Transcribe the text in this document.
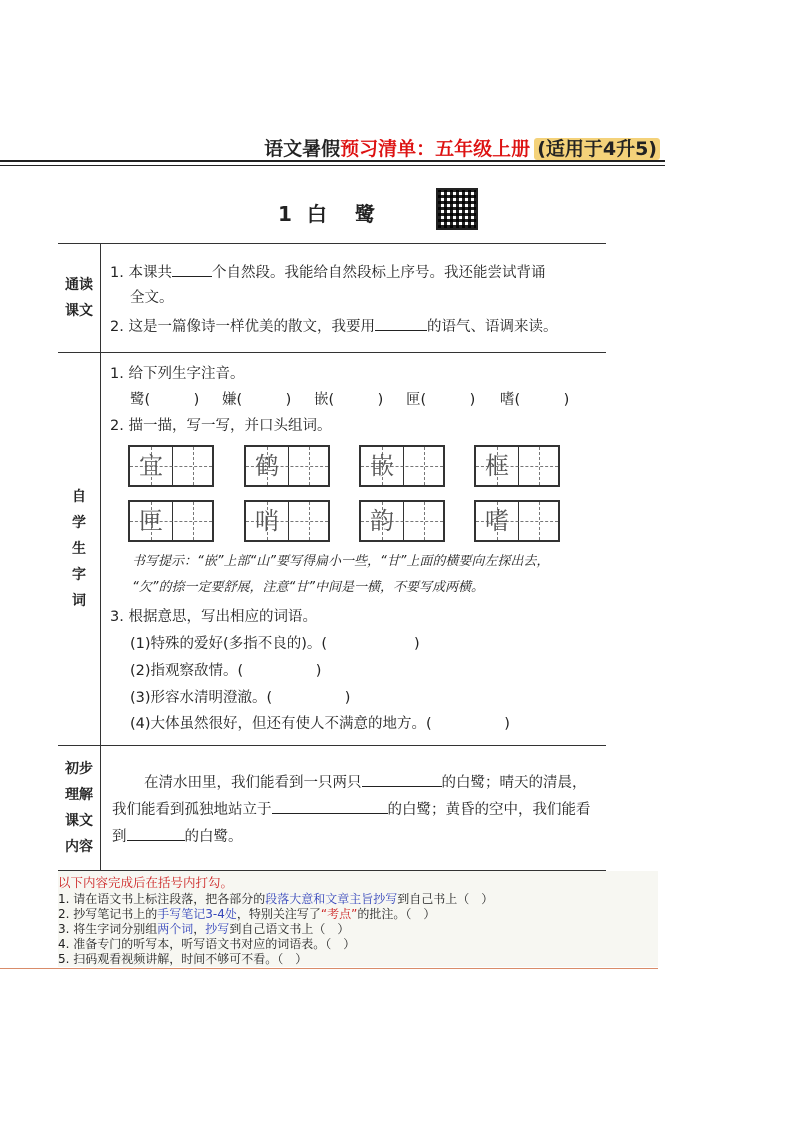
语文暑假预习清单：五年级上册 (适用于4升5)
1 白　鹭
通读
课文
1. 本课共	个自然段。我能给自然段标上序号。我还能尝试背诵
全文。
2. 这是一篇像诗一样优美的散文，我要用	的语气、语调来读。
自
学
生
字
词
1. 给下列生字注音。
鹭(　　　) 嫌(　　　) 嵌(　　　) 匣(　　　) 嗜(　　　)
2. 描一描，写一写，并口头组词。
宜	鹤	嵌	框
匣	哨	韵	嗜
书写提示：“嵌”上部“山”要写得扁小一些，“甘”上面的横要向左探出去，
“欠”的捺一定要舒展，注意“甘”中间是一横，不要写成两横。
3. 根据意思，写出相应的词语。
(1)特殊的爱好(多指不良的)。(　　　　　　)
(2)指观察敌情。(　　　　　)
(3)形容水清明澄澈。(　　　　　)
(4)大体虽然很好，但还有使人不满意的地方。(　　　　　)
初步
理解
课文
内容
在清水田里，我们能看到一只两只	的白鹭；晴天的清晨，
我们能看到孤独地站立于	的白鹭；黄昏的空中，我们能看
到	的白鹭。
以下内容完成后在括号内打勾。
1. 请在语文书上标注段落，把各部分的段落大意和文章主旨抄写到自己书上（　）
2. 抄写笔记书上的手写笔记3-4处，特别关注写了“考点”的批注。（　）
3. 将生字词分别组两个词，抄写到自己语文书上（　）
4. 准备专门的听写本，听写语文书对应的词语表。（　）
5. 扫码观看视频讲解，时间不够可不看。（　）
